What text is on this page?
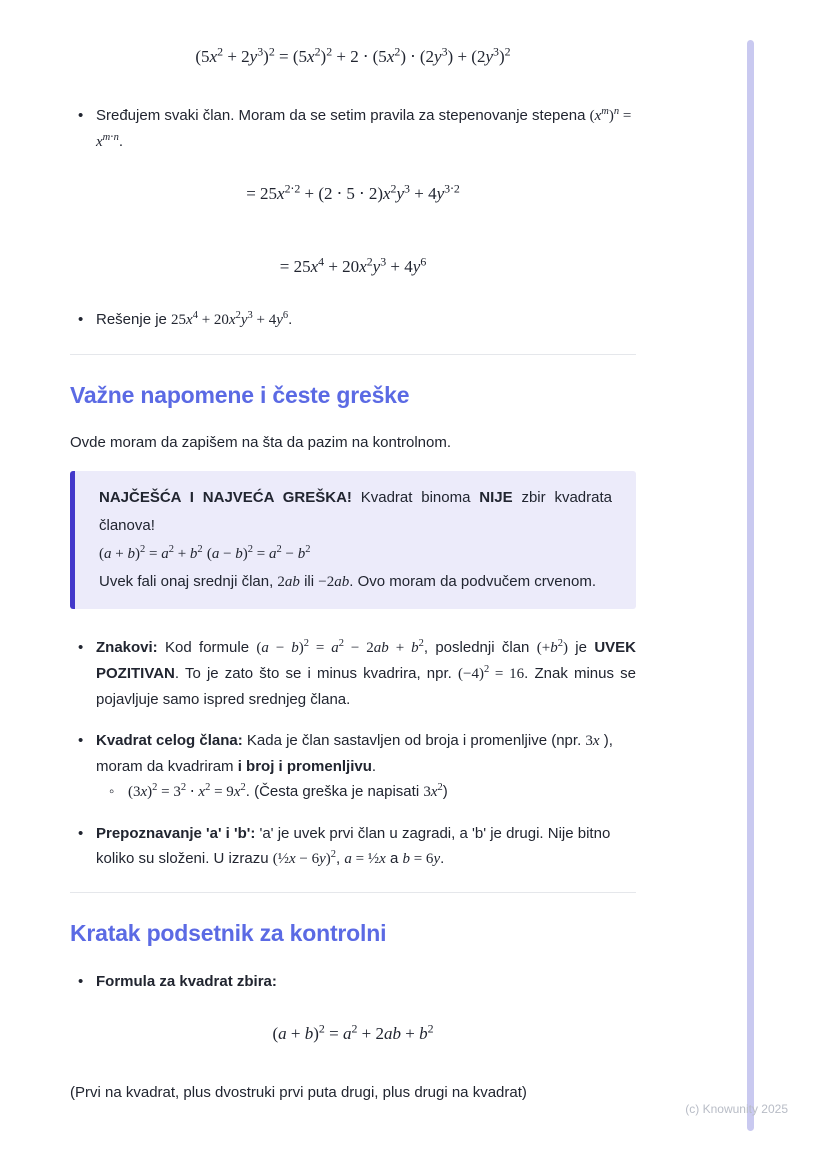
$(5x^2 + 2y^3)^2 = (5x^2)^2 + 2 \cdot (5x^2) \cdot (2y^3) + (2y^3)^2$
• Sređujem svaki član. Moram da se setim pravila za stepenovanje stepena $(x^m)^n = x^{m\cdot n}$.
= $25x^{2\cdot 2} + (2 \cdot 5 \cdot 2)x^2y^3 + 4y^{3\cdot 2}$
= $25x^4 + 20x^2y^3 + 4y^6$
• Rešenje je $25x^4 + 20x^2y^3 + 4y^6$.
Važne napomene i česte greške

Ovde moram da zapišem na šta da pazim na kontrolnom.

NAJČEŠĆA I NAJVEĆA GREŠKA! Kvadrat binoma NIJE zbir kvadrata članova!

$(a + b)^2 = a^2 + b^2$ $(a - b)^2 = a^2 - b^2$

Uvek fali onaj srednji član, 2ab ili −2ab. Ovo moram da podvučem crvenom.

• Znakovi: Kod formule $(a - b)^2 = a^2 - 2ab + b^2$, poslednji član $(+b^2)$ je UVEK POZITIVAN. To je zato što se i minus kvadrira, npr. $(-4)^2 = 16$. Znak minus se pojavljuje samo ispred srednjeg člana.
• Kvadrat celog člana: Kada je član sastavljen od broja i promenljive (npr. 3x ), moram da kvadriram i broj i promenljivu.
◦ $(3x)^2 = 3^2 \cdot x^2 = 9x^2$. (Česta greška je napisati $3x^2$)
• Prepoznavanje 'a' i 'b': 'a' je uvek prvi član u zagradi, a 'b' je drugi. Nije bitno koliko su složeni. U izrazu (½x − 6y)$^2$, a = ½x a b = 6y.
Kratak podsetnik za kontrolni
• Formula za kvadrat zbira:
$(a + b)^2 = a^2 + 2ab + b^2$

(Prvi na kvadrat, plus dvostruki prvi puta drugi, plus drugi na kvadrat)

(c) Knowunity 2025
